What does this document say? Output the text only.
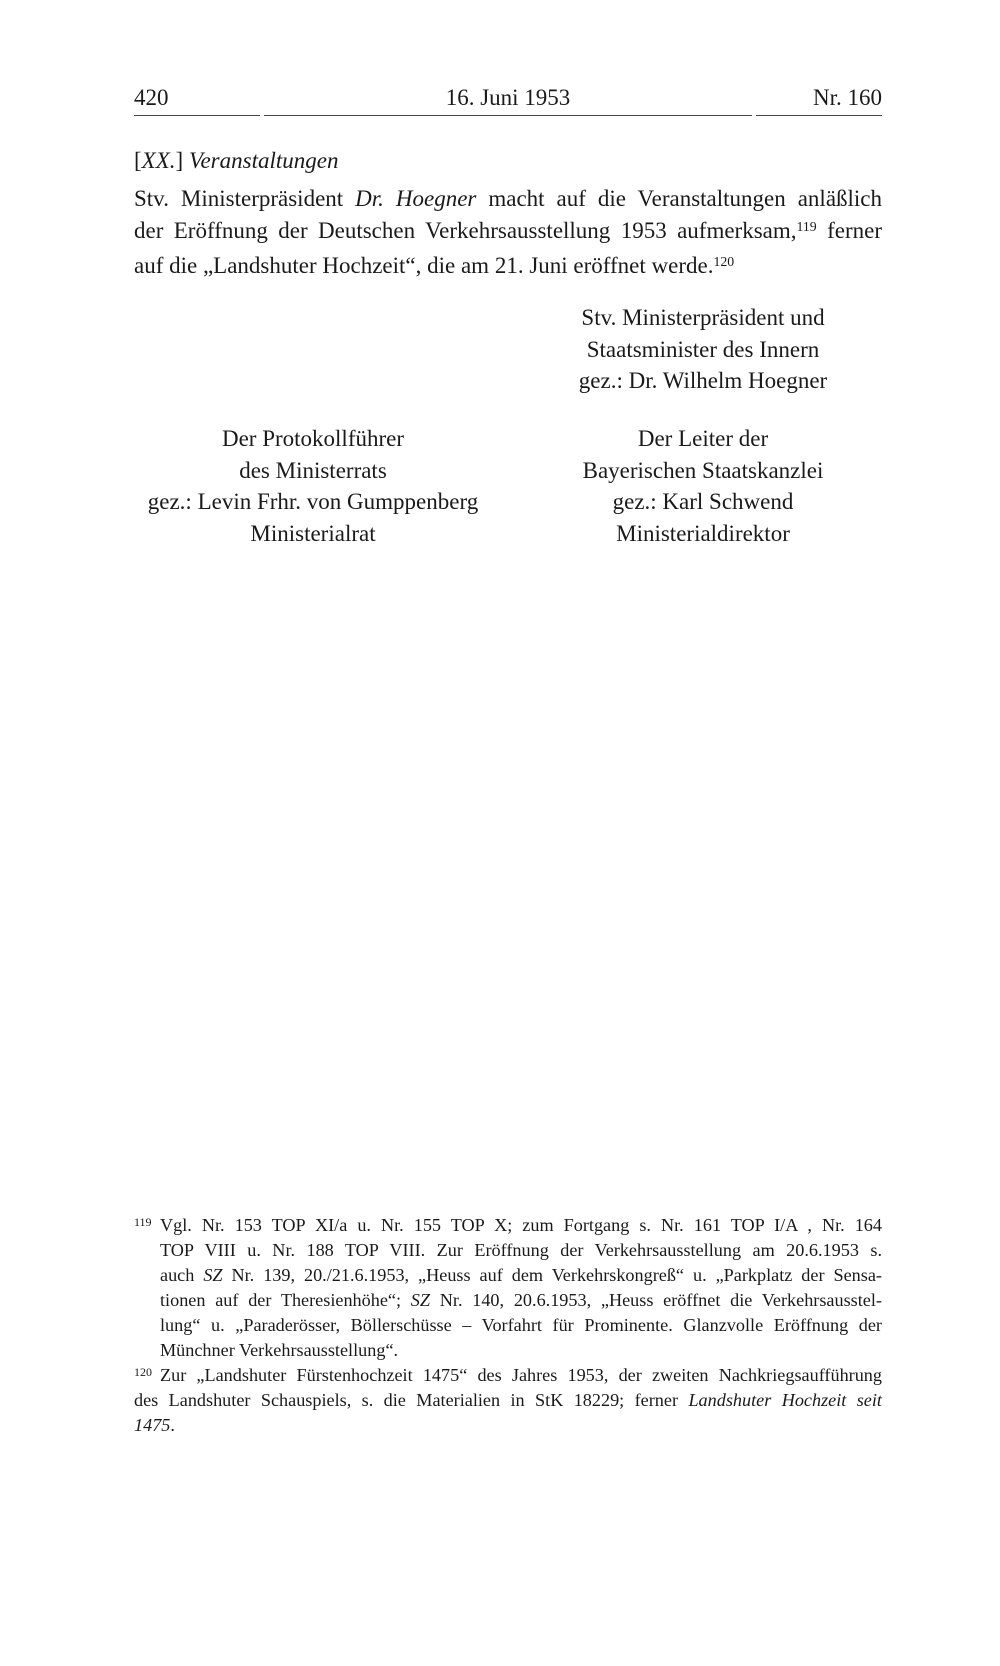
420	16. Juni 1953	Nr. 160
[XX.] Veranstaltungen
Stv. Ministerpräsident Dr. Hoegner macht auf die Veranstaltungen anläßlich
der Eröffnung der Deutschen Verkehrsausstellung 1953 aufmerksam,$^{119}$ ferner
auf die „Landshuter Hochzeit“, die am 21. Juni eröffnet werde.$^{120}$
Stv. Ministerpräsident und
Staatsminister des Innern
gez.: Dr. Wilhelm Hoegner
Der Protokollführer
des Ministerrats
gez.: Levin Frhr. von Gumppenberg
Ministerialrat
Der Leiter der
Bayerischen Staatskanzlei
gez.: Karl Schwend
Ministerialdirektor
119 Vgl. Nr. 153 TOP XI/a u. Nr. 155 TOP X; zum Fortgang s. Nr. 161 TOP I/A , Nr. 164
TOP VIII u. Nr. 188 TOP VIII. Zur Eröffnung der Verkehrsausstellung am 20.6.1953 s.
auch SZ Nr. 139, 20./21.6.1953, „Heuss auf dem Verkehrskongreß“ u. „Parkplatz der Sensa-
tionen auf der Theresienhöhe“; SZ Nr. 140, 20.6.1953, „Heuss eröffnet die Verkehrsausstel-
lung“ u. „Paraderösser, Böllerschüsse – Vorfahrt für Prominente. Glanzvolle Eröffnung der
Münchner Verkehrsausstellung“.
120 Zur „Landshuter Fürstenhochzeit 1475“ des Jahres 1953, der zweiten Nachkriegsaufführung
des Landshuter Schauspiels, s. die Materialien in StK 18229; ferner Landshuter Hochzeit seit
1475.
